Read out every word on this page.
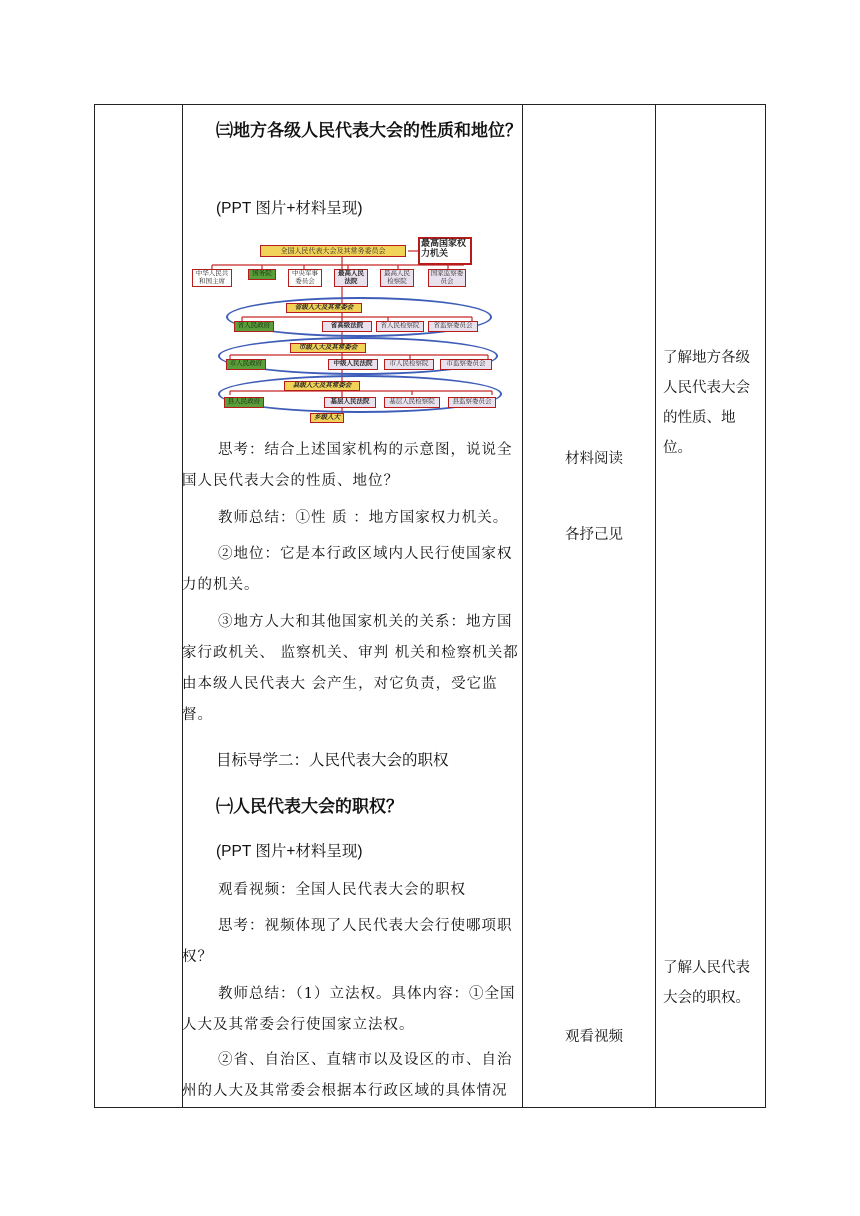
㈢地方各级人民代表大会的性质和地位？
(PPT 图片+材料呈现)
全国人民代表大会及其常务委员会
最高国家权力机关
中华人民共和国主席
国务院	中央军事委员会
最高人民法院
最高人民检察院
国家监察委员会
省级人大及其常委会
省人民政府	省高级法院	省人民检察院	省监察委员会
市级人大及其常委会
市人民政府	中级人民法院	市人民检察院	市监察委员会
县级人大及其常委会
县人民政府	基层人民法院	基层人民检察院	县监察委员会
乡级人大
思考：结合上述国家机构的示意图，说说全国人民代表大会的性质、地位？
教师总结：①性 质 ：地方国家权力机关。
②地位：它是本行政区域内人民行使国家权力的机关。
③地方人大和其他国家机关的关系：地方国家行政机关、 监察机关、审判 机关和检察机关都由本级人民代表大 会产生，对它负责，受它监督。
目标导学二：人民代表大会的职权
㈠人民代表大会的职权？
(PPT 图片+材料呈现)
观看视频：全国人民代表大会的职权
思考：视频体现了人民代表大会行使哪项职权？
教师总结：（1）立法权。具体内容：①全国人大及其常委会行使国家立法权。
②省、自治区、直辖市以及设区的市、自治州的人大及其常委会根据本行政区域的具体情况
材料阅读
各抒己见
观看视频
了解地方各级人民代表大会的性质、地位。
了解人民代表大会的职权。
